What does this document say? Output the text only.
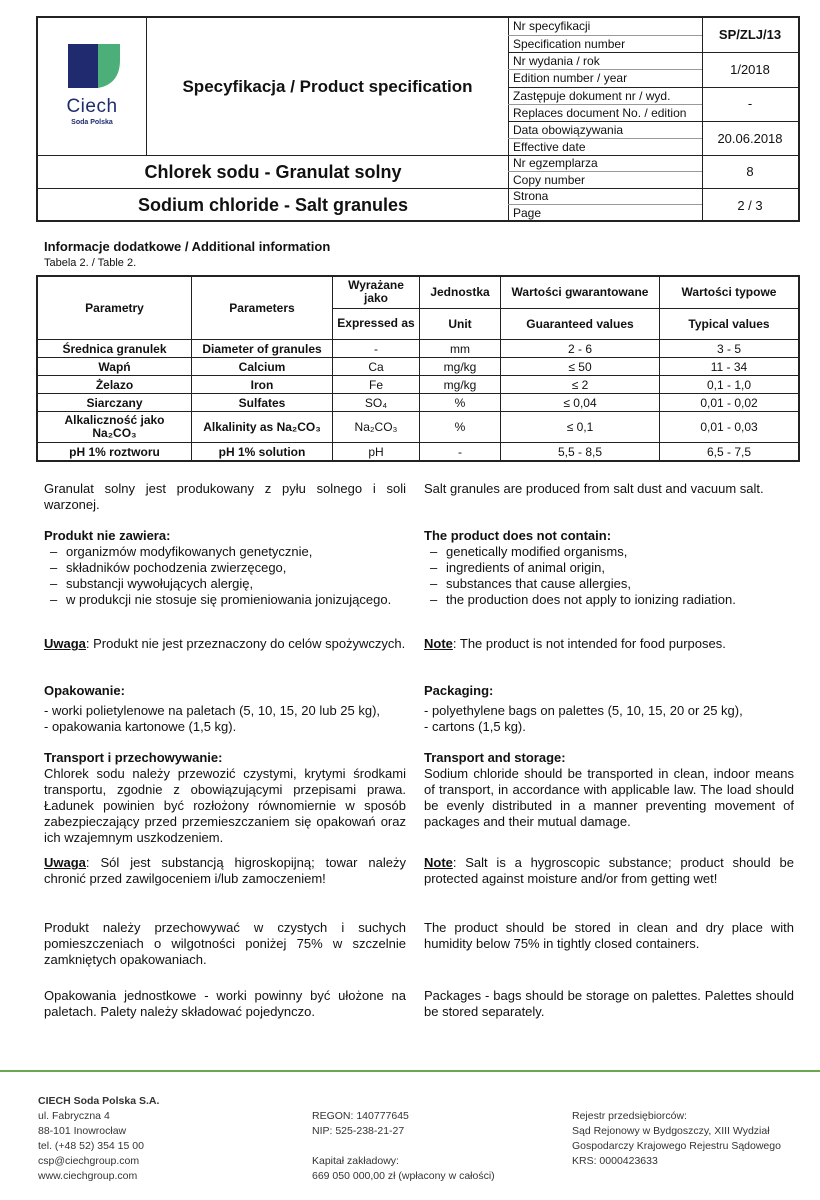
Ciech
Soda Polska
Specyfikacja / Product specification
Chlorek sodu - Granulat solny
Sodium chloride - Salt granules
Nr specyfikacji
Specification number
SP/ZLJ/13
Nr wydania / rok
Edition number / year
1/2018
Zastępuje dokument nr / wyd.
Replaces document No. / edition
-
Data obowiązywania
Effective date
20.06.2018
Nr egzemplarza
Copy number
8
Strona
Page	2 / 3
Informacje dodatkowe / Additional information
Tabela 2. / Table 2.
Parametry	Parameters	Wyrażane jako	Jednostka	Wartości gwarantowane	Wartości typowe
		Expressed as	Unit	Guaranteed values	Typical values
Średnica granulek	Diameter of granules	-	mm	2 - 6	3 - 5
Wapń	Calcium	Ca	mg/kg	≤ 50	11 - 34
Żelazo	Iron	Fe	mg/kg	≤ 2	0,1 - 1,0
Siarczany	Sulfates	SO₄	%	≤ 0,04	0,01 - 0,02
Alkaliczność jako Na₂CO₃	Alkalinity as Na₂CO₃	Na₂CO₃	%	≤ 0,1	0,01 - 0,03
pH 1% roztworu	pH 1% solution	pH	-	5,5 - 8,5	6,5 - 7,5
Granulat solny jest produkowany z pyłu solnego i soli warzonej.
Produkt nie zawiera:
– organizmów modyfikowanych genetycznie,
– składników pochodzenia zwierzęcego,
– substancji wywołujących alergię,
– w produkcji nie stosuje się promieniowania jonizującego.
Uwaga: Produkt nie jest przeznaczony do celów spożywczych.
Opakowanie:
- worki polietylenowe na paletach (5, 10, 15, 20 lub 25 kg),
- opakowania kartonowe (1,5 kg).
Transport i przechowywanie:
Chlorek sodu należy przewozić czystymi, krytymi środkami transportu, zgodnie z obowiązującymi przepisami prawa. Ładunek powinien być rozłożony równomiernie w sposób zabezpieczający przed przemieszczaniem się opakowań oraz ich wzajemnym uszkodzeniem.
Uwaga: Sól jest substancją higroskopijną; towar należy chronić przed zawilgoceniem i/lub zamoczeniem!
Produkt należy przechowywać w czystych i suchych pomieszczeniach o wilgotności poniżej 75% w szczelnie zamkniętych opakowaniach.
Opakowania jednostkowe - worki powinny być ułożone na paletach. Palety należy składować pojedynczo.
Salt granules are produced from salt dust and vacuum salt.
The product does not contain:
– genetically modified organisms,
– ingredients of animal origin,
– substances that cause allergies,
– the production does not apply to ionizing radiation.
Note: The product is not intended for food purposes.
Packaging:
- polyethylene bags on palettes (5, 10, 15, 20 or 25 kg),
- cartons (1,5 kg).
Transport and storage:
Sodium chloride should be transported in clean, indoor means of transport, in accordance with applicable law. The load should be evenly distributed in a manner preventing movement of packages and their mutual damage.
Note: Salt is a hygroscopic substance; product should be protected against moisture and/or from getting wet!
The product should be stored in clean and dry place with humidity below 75% in tightly closed containers.
Packages - bags should be storage on palettes. Palettes should be stored separately.
CIECH Soda Polska S.A.
ul. Fabryczna 4
88-101 Inowrocław
tel. (+48 52) 354 15 00
csp@ciechgroup.com
www.ciechgroup.com
REGON: 140777645
NIP: 525-238-21-27
Kapitał zakładowy:
669 050 000,00 zł (wpłacony w całości)
Rejestr przedsiębiorców:
Sąd Rejonowy w Bydgoszczy, XIII Wydział
Gospodarczy Krajowego Rejestru Sądowego
KRS: 0000423633
